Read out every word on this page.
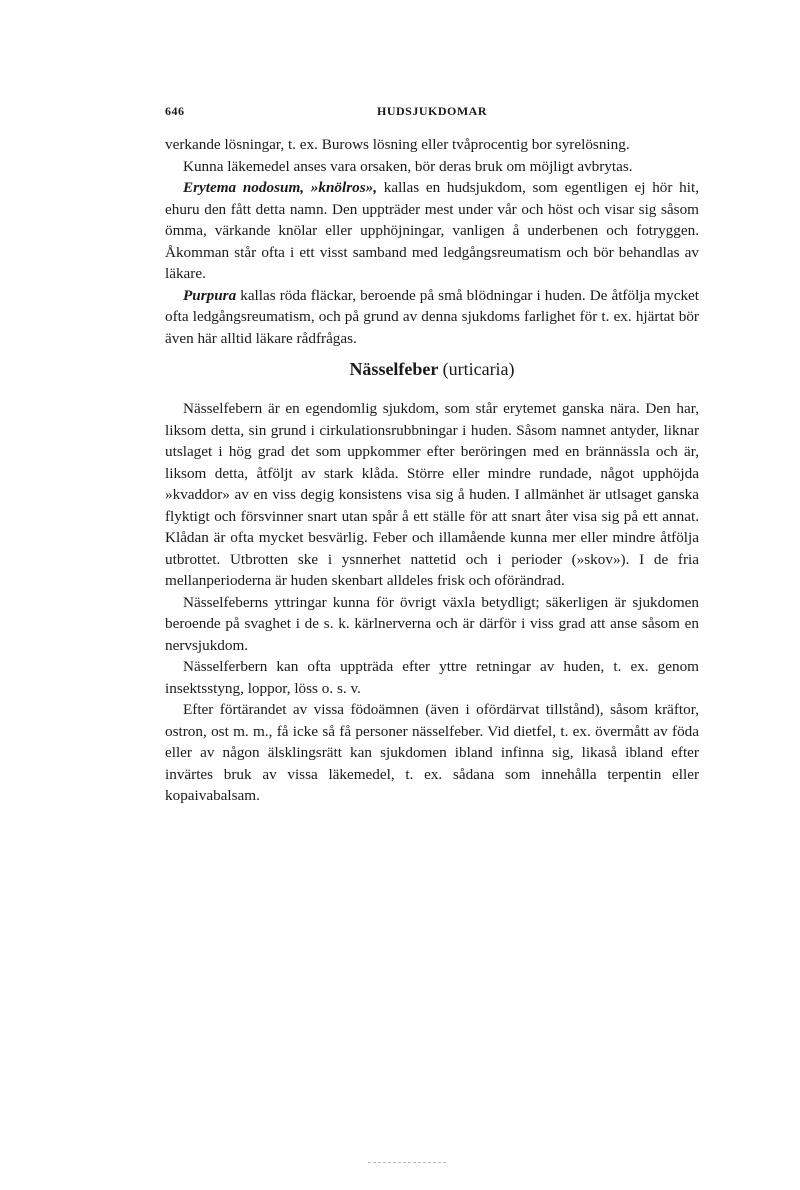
646	HUDSJUKDOMAR

verkande lösningar, t. ex. Burows lösning eller tvåprocentig bor syrelösning.

Kunna läkemedel anses vara orsaken, bör deras bruk om möjligt avbrytas.

Erytema nodosum, »knölros», kallas en hudsjukdom, som egentligen ej hör hit, ehuru den fått detta namn. Den uppträder mest under vår och höst och visar sig såsom ömma, värkande knölar eller upphöjningar, vanligen å underbenen och fotryggen. Åkomman står ofta i ett visst samband med ledgångsreumatism och bör behandlas av läkare.

Purpura kallas röda fläckar, beroende på små blödningar i huden. De åtfölja mycket ofta ledgångsreumatism, och på grund av denna sjukdoms farlighet för t. ex. hjärtat bör även här alltid läkare rådfrågas.

Nässelfeber (urticaria)

Nässelfebern är en egendomlig sjukdom, som står erytemet ganska nära. Den har, liksom detta, sin grund i cirkulationsrubbningar i huden. Såsom namnet antyder, liknar utslaget i hög grad det som uppkommer efter beröringen med en brännässla och är, liksom detta, åtföljt av stark klåda. Större eller mindre rundade, något upphöjda »kvaddor» av en viss degig konsistens visa sig å huden. I allmänhet är utlsaget ganska flyktigt och försvinner snart utan spår å ett ställe för att snart åter visa sig på ett annat. Klådan är ofta mycket besvärlig. Feber och illamående kunna mer eller mindre åtfölja utbrottet. Utbrotten ske i ysnnerhet nattetid och i perioder (»skov»). I de fria mellanperioderna är huden skenbart alldeles frisk och oförändrad.

Nässelfeberns yttringar kunna för övrigt växla betydligt; säkerligen är sjukdomen beroende på svaghet i de s. k. kärlnerverna och är därför i viss grad att anse såsom en nervsjukdom.

Nässelferbern kan ofta uppträda efter yttre retningar av huden, t. ex. genom insektsstyng, loppor, löss o. s. v.

Efter förtärandet av vissa födoämnen (även i ofördärvat tillstånd), såsom kräftor, ostron, ost m. m., få icke så få personer nässelfeber. Vid dietfel, t. ex. övermått av föda eller av någon älsklingsrätt kan sjukdomen ibland infinna sig, likaså ibland efter invärtes bruk av vissa läkemedel, t. ex. sådana som innehålla terpentin eller kopaivabalsam.
